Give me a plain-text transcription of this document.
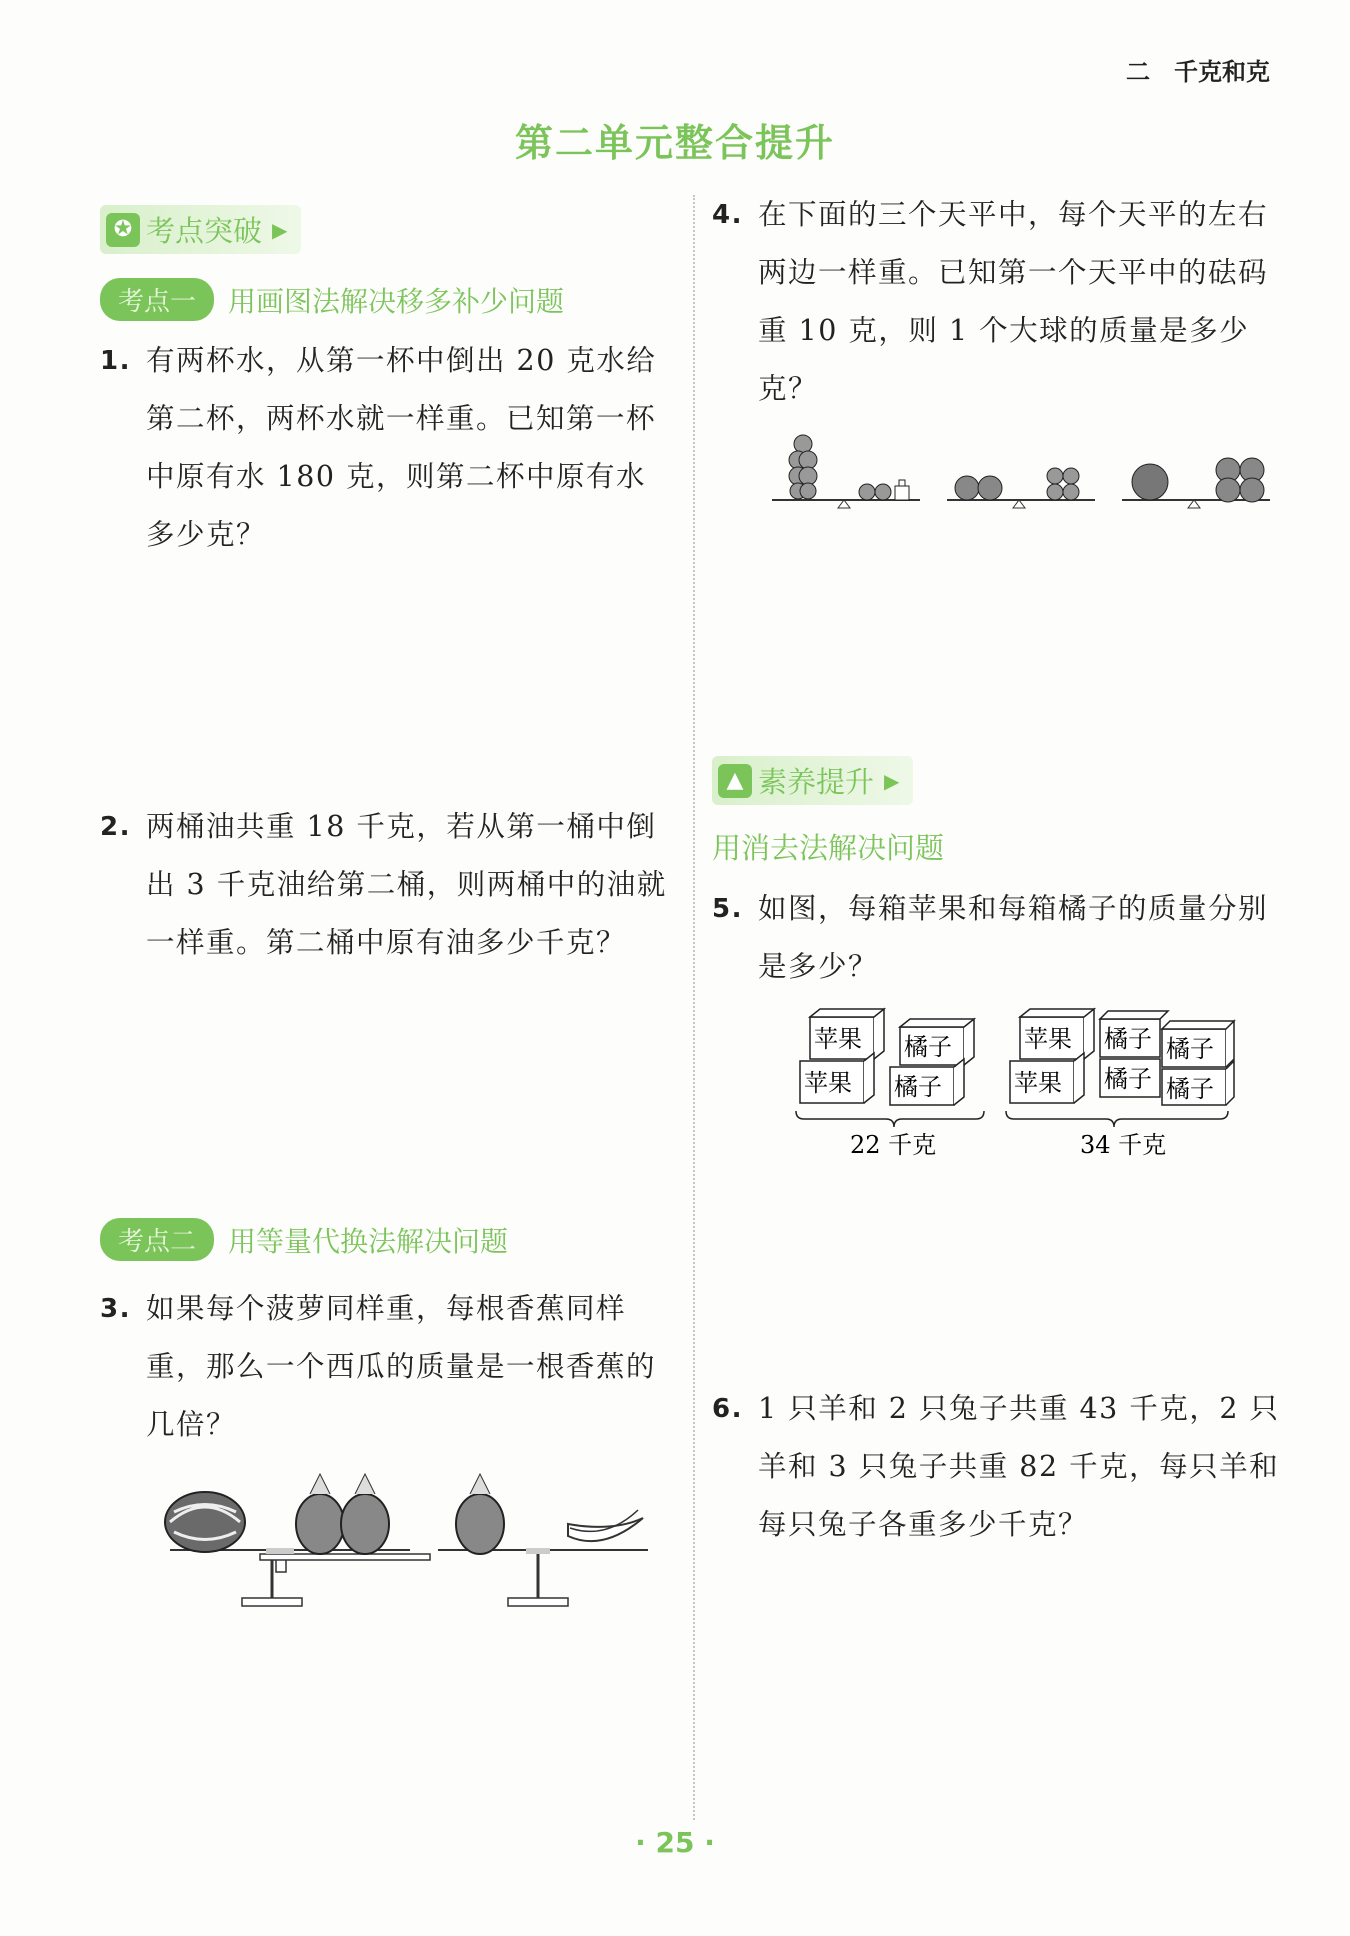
二　千克和克
第二单元整合提升
✪ 考点突破 ▶
考点一	用画图法解决移多补少问题
1. 有两杯水，从第一杯中倒出 20 克水给第二杯，两杯水就一样重。已知第一杯中原有水 180 克，则第二杯中原有水多少克？
2. 两桶油共重 18 千克，若从第一桶中倒出 3 千克油给第二桶，则两桶中的油就一样重。第二桶中原有油多少千克？
考点二	用等量代换法解决问题
3. 如果每个菠萝同样重，每根香蕉同样重，那么一个西瓜的质量是一根香蕉的几倍？
4. 在下面的三个天平中，每个天平的左右两边一样重。已知第一个天平中的砝码重 10 克，则 1 个大球的质量是多少克？
▲ 素养提升 ▶
用消去法解决问题
5. 如图，每箱苹果和每箱橘子的质量分别是多少？
苹果
苹果
橘子
橘子
22 千克
苹果
苹果
橘子
橘子
橘子
橘子
34 千克
6. 1 只羊和 2 只兔子共重 43 千克，2 只羊和 3 只兔子共重 82 千克，每只羊和每只兔子各重多少千克？
· 25 ·
